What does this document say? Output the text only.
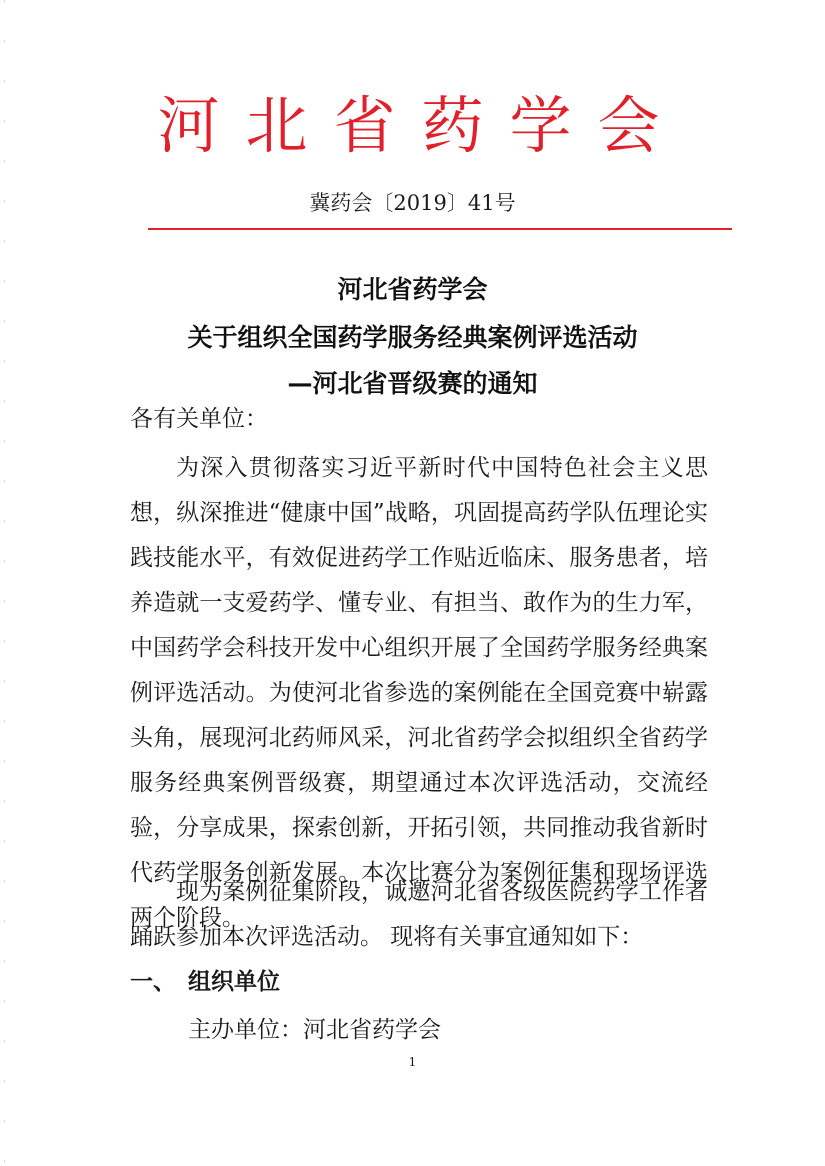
河北省药学会
冀药会〔2019〕41号
河北省药学会
关于组织全国药学服务经典案例评选活动
—河北省晋级赛的通知
各有关单位：

为深入贯彻落实习近平新时代中国特色社会主义思想，纵深推进“健康中国”战略，巩固提高药学队伍理论实践技能水平，有效促进药学工作贴近临床、服务患者，培养造就一支爱药学、懂专业、有担当、敢作为的生力军，中国药学会科技开发中心组织开展了全国药学服务经典案例评选活动。为使河北省参选的案例能在全国竞赛中崭露头角，展现河北药师风采，河北省药学会拟组织全省药学服务经典案例晋级赛，期望通过本次评选活动，交流经验，分享成果，探索创新，开拓引领，共同推动我省新时代药学服务创新发展。本次比赛分为案例征集和现场评选两个阶段。

现为案例征集阶段，诚邀河北省各级医院药学工作者踊跃参加本次评选活动。 现将有关事宜通知如下：

一、 组织单位
主办单位：河北省药学会
1
